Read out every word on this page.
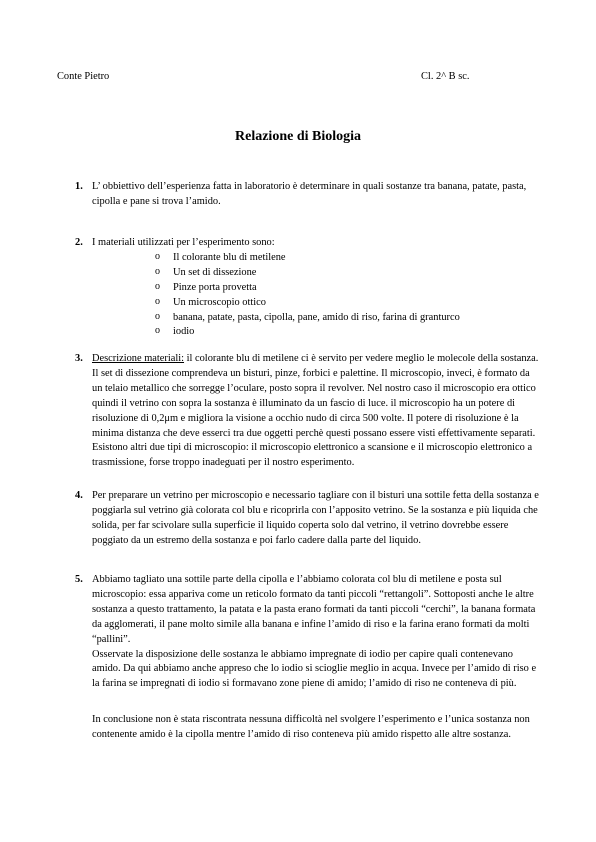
Conte Pietro	Cl. 2^ B sc.
Relazione di Biologia
1. L’ obbiettivo dell’esperienza fatta in laboratorio è determinare in quali sostanze tra banana, patate, pasta, cipolla e pane si trova l’amido.
2. I materiali utilizzati per l’esperimento sono:
o Il colorante blu di metilene
o Un set di dissezione
o Pinze porta provetta
o Un microscopio ottico
o banana, patate, pasta, cipolla, pane, amido di riso, farina di granturco
o iodio
3. Descrizione materiali: il colorante blu di metilene ci è servito per vedere meglio le molecole della sostanza. Il set di dissezione comprendeva un bisturi, pinze, forbici e palettine. Il microscopio, inveci, è formato da un telaio metallico che sorregge l’oculare, posto sopra il revolver. Nel nostro caso il microscopio era ottico quindi il vetrino con sopra la sostanza è illuminato da un fascio di luce. il microscopio ha un potere di risoluzione di 0,2μm e migliora la visione a occhio nudo di circa 500 volte. Il potere di risoluzione è la minima distanza che deve esserci tra due oggetti perchè questi possano essere visti effettivamente separati. Esistono altri due tipi di microscopio: il microscopio elettronico a scansione e il microscopio elettronico a trasmissione, forse troppo inadeguati per il nostro esperimento.
4. Per preparare un vetrino per microscopio e necessario tagliare con il bisturi una sottile fetta della sostanza e poggiarla sul vetrino già colorata col blu e ricoprirla con l’apposito vetrino. Se la sostanza e più liquida che solida, per far scivolare sulla superficie il liquido coperta solo dal vetrino, il vetrino dovrebbe essere poggiato da un estremo della sostanza e poi farlo cadere dalla parte del liquido.
5. Abbiamo tagliato una sottile parte della cipolla e l’abbiamo colorata col blu di metilene e posta sul microscopio: essa appariva come un reticolo formato da tanti piccoli “rettangoli”. Sottoposti anche le altre sostanza a questo trattamento, la patata e la pasta erano formati da tanti piccoli “cerchi”, la banana formata da agglomerati, il pane molto simile alla banana e infine l’amido di riso e la farina erano formati da molti “pallini”.

Osservate la disposizione delle sostanza le abbiamo impregnate di iodio per capire quali contenevano amido. Da qui abbiamo anche appreso che lo iodio si scioglie meglio in acqua. Invece per l’amido di riso e la farina se impregnati di iodio si formavano zone piene di amido; l’amido di riso ne conteneva di più.

In conclusione non è stata riscontrata nessuna difficoltà nel svolgere l’esperimento e l’unica sostanza non contenente amido è la cipolla mentre l’amido di riso conteneva più amido rispetto alle altre sostanza.
